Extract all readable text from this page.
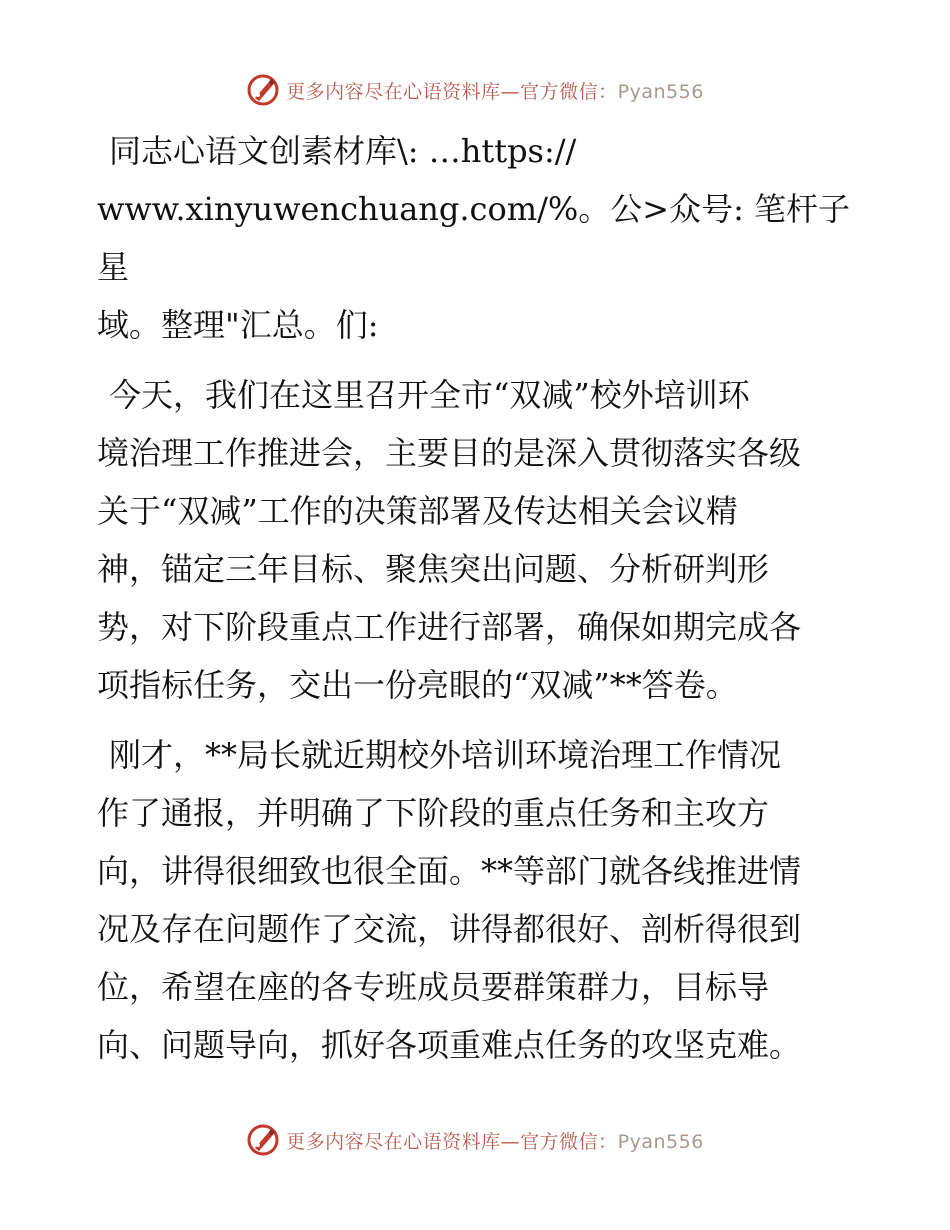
更多内容尽在心语资料库—官方微信：Pyan556

同志心语文创素材库\: …https://
www.xinyuwenchuang.com/%。公>众号: 笔杆子星
域。整理"汇总。们:

今天，我们在这里召开全市“双减”校外培训环
境治理工作推进会，主要目的是深入贯彻落实各级
关于“双减”工作的决策部署及传达相关会议精
神，锚定三年目标、聚焦突出问题、分析研判形
势，对下阶段重点工作进行部署，确保如期完成各
项指标任务，交出一份亮眼的“双减”**答卷。

刚才，**局长就近期校外培训环境治理工作情况
作了通报，并明确了下阶段的重点任务和主攻方
向，讲得很细致也很全面。**等部门就各线推进情
况及存在问题作了交流，讲得都很好、剖析得很到
位，希望在座的各专班成员要群策群力，目标导
向、问题导向，抓好各项重难点任务的攻坚克难。

更多内容尽在心语资料库—官方微信：Pyan556
